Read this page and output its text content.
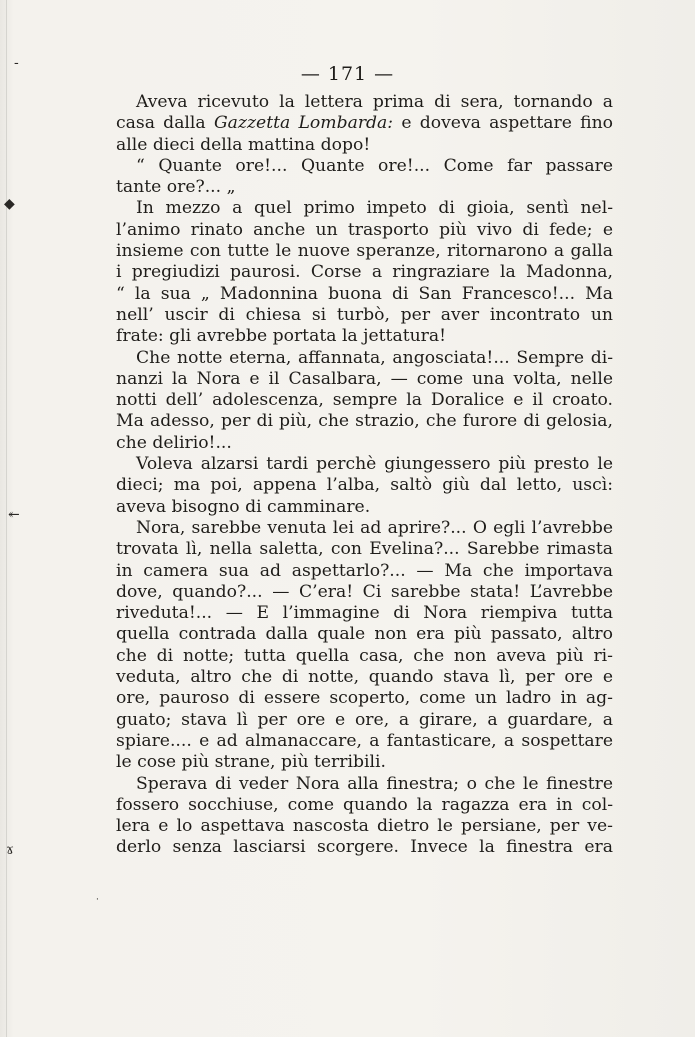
-
◆
↞
ɤ
·
— 171 —
Aveva ricevuto la lettera prima di sera, tornando a
casa dalla Gazzetta Lombarda: e doveva aspettare fino
alle dieci della mattina dopo!
“ Quante ore!... Quante ore!... Come far passare
tante ore?... „
In mezzo a quel primo impeto di gioia, sentì nel-
l’animo rinato anche un trasporto più vivo di fede; e
insieme con tutte le nuove speranze, ritornarono a galla
i pregiudizi paurosi. Corse a ringraziare la Madonna,
“ la sua „ Madonnina buona di San Francesco!... Ma
nell’ uscir di chiesa si turbò, per aver incontrato un
frate: gli avrebbe portata la jettatura!
Che notte eterna, affannata, angosciata!... Sempre di-
nanzi la Nora e il Casalbara, — come una volta, nelle
notti dell’ adolescenza, sempre la Doralice e il croato.
Ma adesso, per di più, che strazio, che furore di gelosia,
che delirio!...
Voleva alzarsi tardi perchè giungessero più presto le
dieci; ma poi, appena l’alba, saltò giù dal letto, uscì:
aveva bisogno di camminare.
Nora, sarebbe venuta lei ad aprire?... O egli l’avrebbe
trovata lì, nella saletta, con Evelina?... Sarebbe rimasta
in camera sua ad aspettarlo?... — Ma che importava
dove, quando?... — C’era! Ci sarebbe stata! L’avrebbe
riveduta!... — E l’immagine di Nora riempiva tutta
quella contrada dalla quale non era più passato, altro
che di notte; tutta quella casa, che non aveva più ri-
veduta, altro che di notte, quando stava lì, per ore e
ore, pauroso di essere scoperto, come un ladro in ag-
guato; stava lì per ore e ore, a girare, a guardare, a
spiare.... e ad almanaccare, a fantasticare, a sospettare
le cose più strane, più terribili.
Sperava di veder Nora alla finestra; o che le finestre
fossero socchiuse, come quando la ragazza era in col-
lera e lo aspettava nascosta dietro le persiane, per ve-
derlo senza lasciarsi scorgere. Invece la finestra era
